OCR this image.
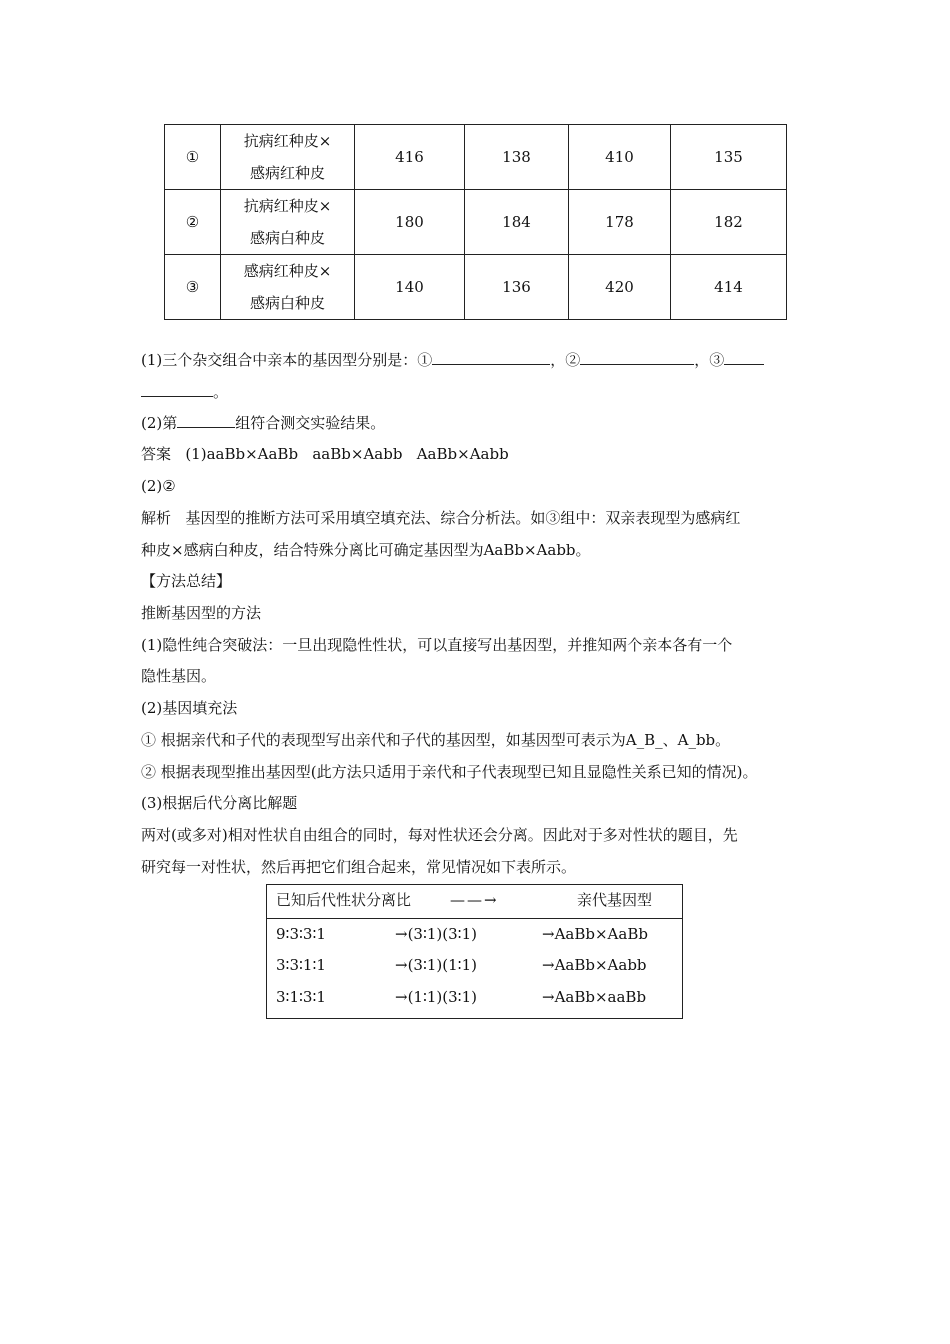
①	抗病红种皮×
感病红种皮	416	138	410	135
②	抗病红种皮×
感病白种皮	180	184	178	182
③	感病红种皮×
感病白种皮	140	136	420	414
(1)三个杂交组合中亲本的基因型分别是：①	，②	，③
。
(2)第	组符合测交实验结果。
答案 (1)aaBb×AaBb   aaBb×Aabb   AaBb×Aabb
(2)②
解析 基因型的推断方法可采用填空填充法、综合分析法。如③组中：双亲表现型为感病红
种皮×感病白种皮，结合特殊分离比可确定基因型为AaBb×Aabb。
【方法总结】
推断基因型的方法
(1)隐性纯合突破法：一旦出现隐性性状，可以直接写出基因型，并推知两个亲本各有一个
隐性基因。
(2)基因填充法
① 根据亲代和子代的表现型写出亲代和子代的基因型，如基因型可表示为A_B_、A_bb。
② 根据表现型推出基因型(此方法只适用于亲代和子代表现型已知且显隐性关系已知的情况)。
(3)根据后代分离比解题
两对(或多对)相对性状自由组合的同时，每对性状还会分离。因此对于多对性状的题目，先
研究每一对性状，然后再把它们组合起来，常见情况如下表所示。
已知后代性状分离比	——→	亲代基因型
9∶3∶3∶1	→(3∶1)(3∶1)	→AaBb×AaBb
3∶3∶1∶1	→(3∶1)(1∶1)	→AaBb×Aabb
3∶1∶3∶1	→(1∶1)(3∶1)	→AaBb×aaBb
